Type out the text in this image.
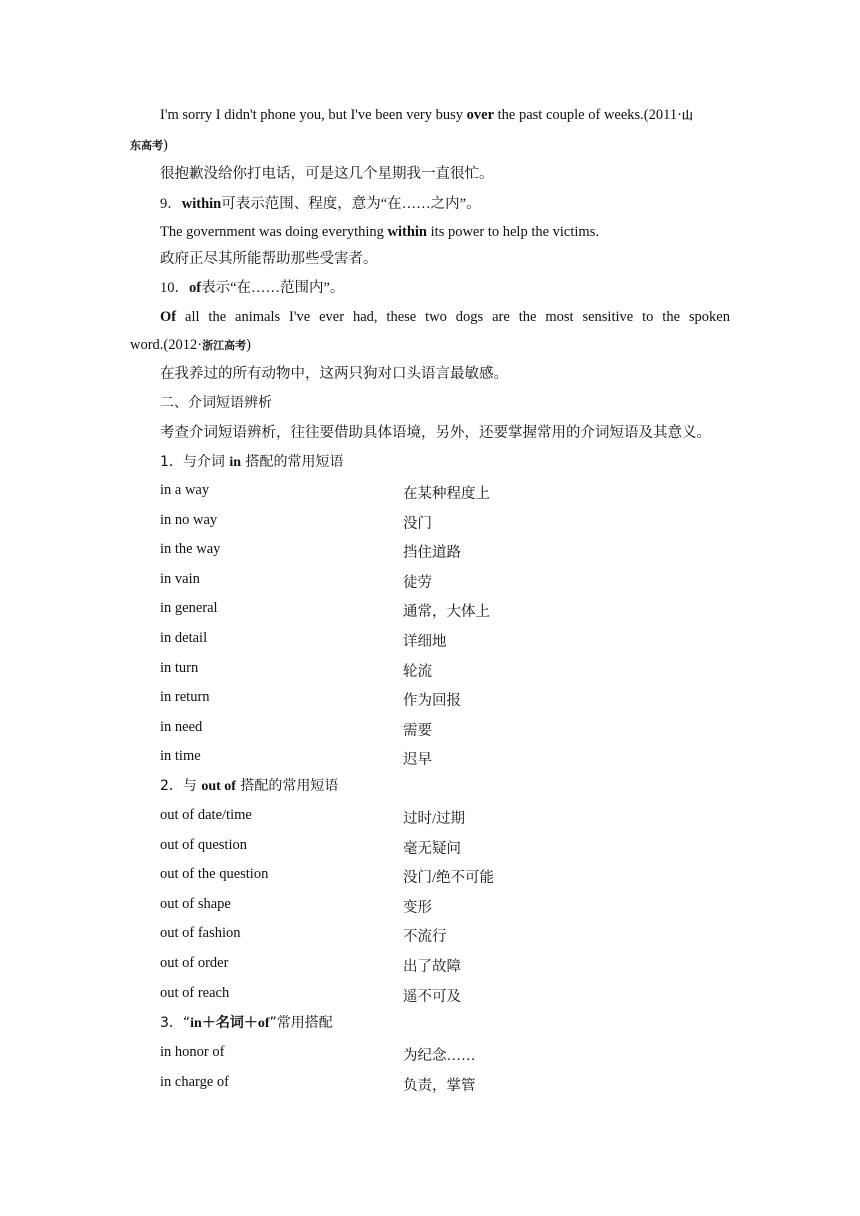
I'm sorry I didn't phone you, but I've been very busy over the past couple of weeks.(2011·山
东高考)
很抱歉没给你打电话，可是这几个星期我一直很忙。
9．within可表示范围、程度，意为“在……之内”。
The government was doing everything within its power to help the victims.
政府正尽其所能帮助那些受害者。
10．of表示“在……范围内”。
Of all the animals I've ever had, these two dogs are the most sensitive to the spoken
word.(2012·浙江高考)
在我养过的所有动物中，这两只狗对口头语言最敏感。
二、介词短语辨析
考查介词短语辨析，往往要借助具体语境，另外，还要掌握常用的介词短语及其意义。
1．与介词 in 搭配的常用短语
in a way	在某种程度上
in no way	没门
in the way	挡住道路
in vain	徒劳
in general	通常，大体上
in detail	详细地
in turn	轮流
in return	作为回报
in need	需要
in time	迟早
2．与 out of 搭配的常用短语
out of date/time	过时/过期
out of question	毫无疑问
out of the question	没门/绝不可能
out of shape	变形
out of fashion	不流行
out of order	出了故障
out of reach	遥不可及
3．“in＋名词＋of”常用搭配
in honor of	为纪念……
in charge of	负责，掌管
